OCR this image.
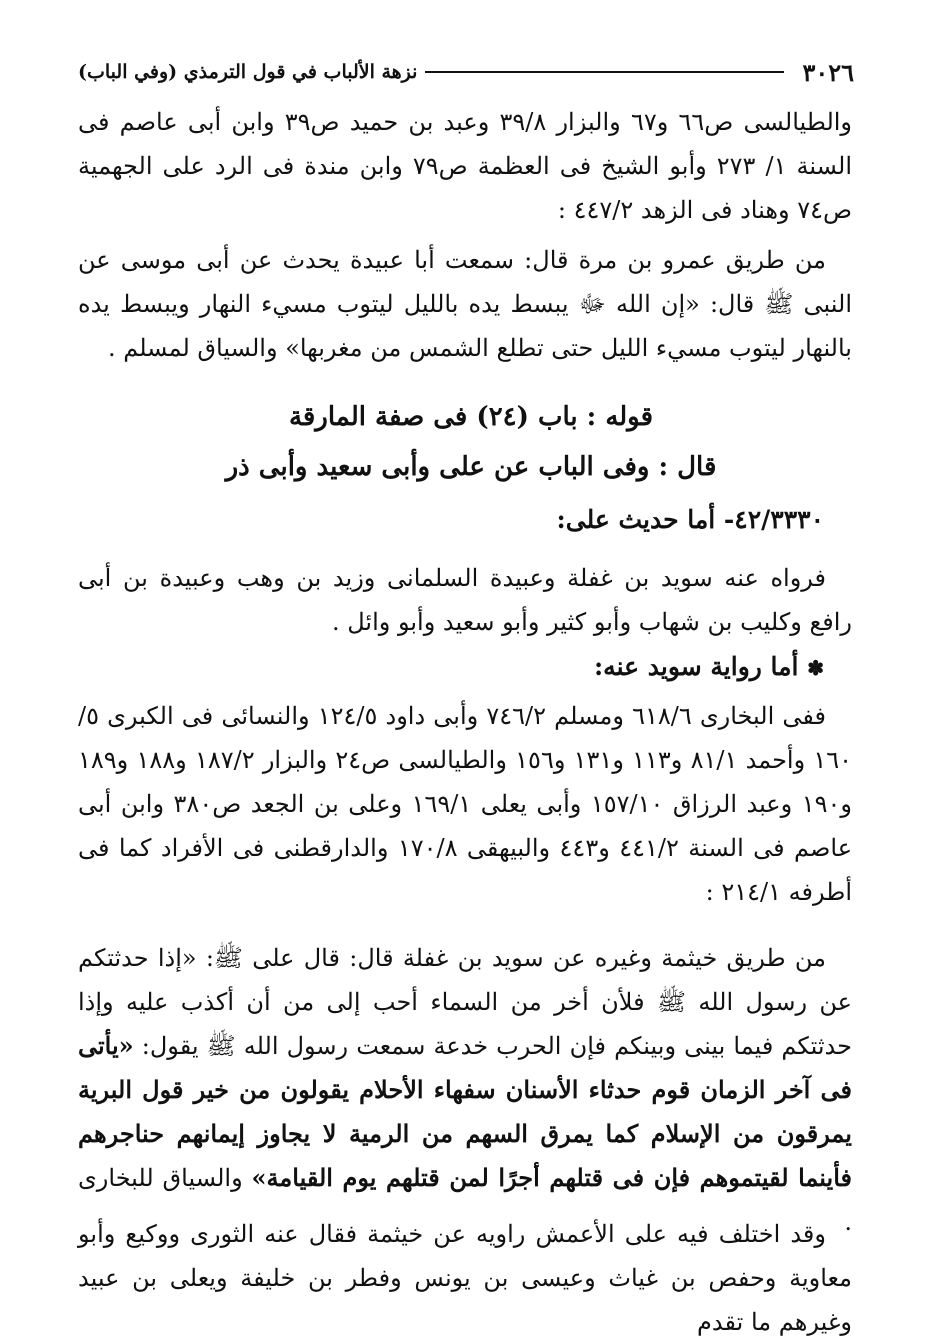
٣٠٢٦
نزهة الألباب في قول الترمذي (وفي الباب)
والطيالسى ص٦٦ و٦٧ والبزار ٣٩/٨ وعبد بن حميد ص٣٩ وابن أبى عاصم فى السنة ١/ ٢٧٣ وأبو الشيخ فى العظمة ص٧٩ وابن مندة فى الرد على الجهمية ص٧٤ وهناد فى الزهد ٤٤٧/٢ :
من طريق عمرو بن مرة قال: سمعت أبا عبيدة يحدث عن أبى موسى عن النبى ﷺ قال: «إن الله ﷻ يبسط يده بالليل ليتوب مسيء النهار ويبسط يده بالنهار ليتوب مسيء الليل حتى تطلع الشمس من مغربها» والسياق لمسلم .
قوله : باب (٢٤) فى صفة المارقة
قال : وفى الباب عن على وأبى سعيد وأبى ذر
٤٢/٣٣٣٠- أما حديث على:
فرواه عنه سويد بن غفلة وعبيدة السلمانى وزيد بن وهب وعبيدة بن أبى رافع وكليب بن شهاب وأبو كثير وأبو سعيد وأبو وائل .
✽ أما رواية سويد عنه:
ففى البخارى ٦١٨/٦ ومسلم ٧٤٦/٢ وأبى داود ١٢٤/٥ والنسائى فى الكبرى ٥/ ١٦٠ وأحمد ٨١/١ و١١٣ و١٣١ و١٥٦ والطيالسى ص٢٤ والبزار ١٨٧/٢ و١٨٨ و١٨٩ و١٩٠ وعبد الرزاق ١٥٧/١٠ وأبى يعلى ١٦٩/١ وعلى بن الجعد ص٣٨٠ وابن أبى عاصم فى السنة ٤٤١/٢ و٤٤٣ والبيهقى ١٧٠/٨ والدارقطنى فى الأفراد كما فى أطرفه ٢١٤/١ :
من طريق خيثمة وغيره عن سويد بن غفلة قال: قال على ﷺ: «إذا حدثتكم عن رسول الله ﷺ فلأن أخر من السماء أحب إلى من أن أكذب عليه وإذا حدثتكم فيما بينى وبينكم فإن الحرب خدعة سمعت رسول الله ﷺ يقول: «يأتى فى آخر الزمان قوم حدثاء الأسنان سفهاء الأحلام يقولون من خير قول البرية يمرقون من الإسلام كما يمرق السهم من الرمية لا يجاوز إيمانهم حناجرهم فأينما لقيتموهم فإن فى قتلهم أجرًا لمن قتلهم يوم القيامة» والسياق للبخارى .
وقد اختلف فيه على الأعمش راويه عن خيثمة فقال عنه الثورى ووكيع وأبو معاوية وحفص بن غياث وعيسى بن يونس وفطر بن خليفة ويعلى بن عبيد وغيرهم ما تقدم
